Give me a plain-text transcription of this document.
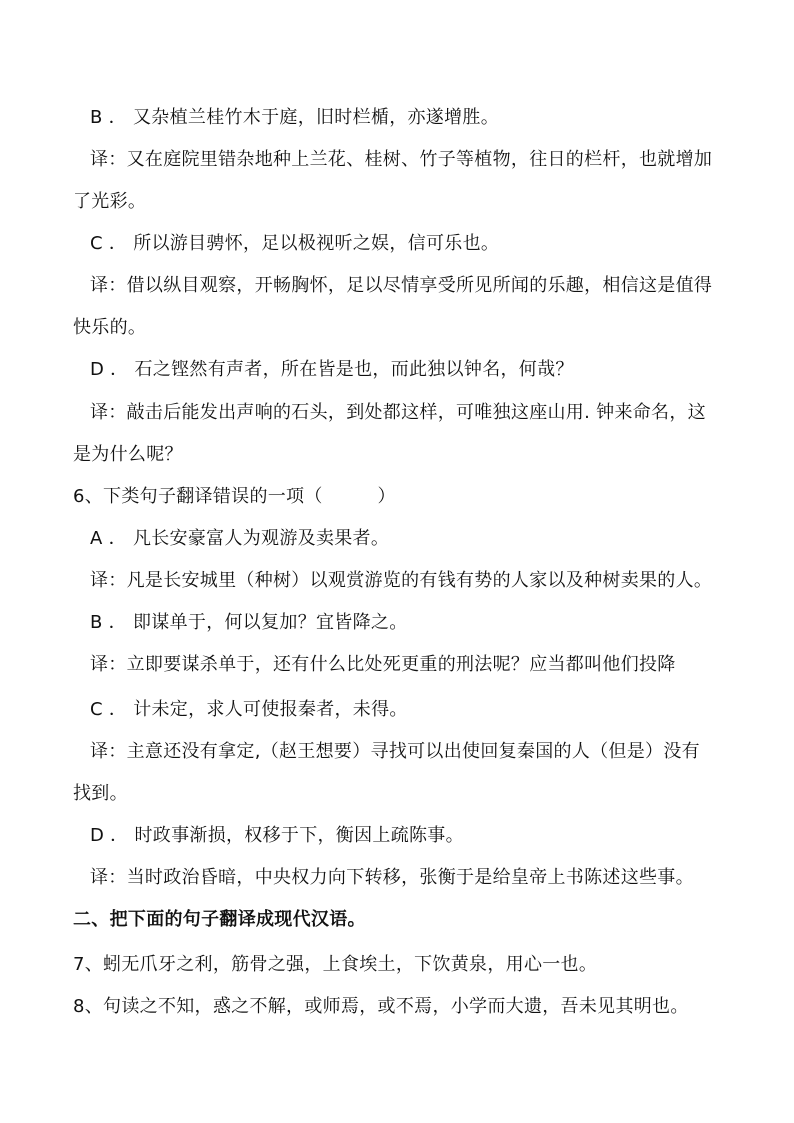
B ． 又杂植兰桂竹木于庭，旧时栏楯，亦遂增胜。
译：又在庭院里错杂地种上兰花、桂树、竹子等植物，往日的栏杆，也就增加
了光彩。
C ． 所以游目骋怀，足以极视听之娱，信可乐也。
译：借以纵目观察，开畅胸怀，足以尽情享受所见所闻的乐趣，相信这是值得
快乐的。
D ． 石之铿然有声者，所在皆是也，而此独以钟名，何哉？
译：敲击后能发出声响的石头，到处都这样，可唯独这座山用. 钟来命名，这
是为什么呢？
6、下类句子翻译错误的一项（　　　）
A ． 凡长安豪富人为观游及卖果者。
译：凡是长安城里（种树）以观赏游览的有钱有势的人家以及种树卖果的人。
B ． 即谋单于，何以复加？宜皆降之。
译：立即要谋杀单于，还有什么比处死更重的刑法呢？应当都叫他们投降
C ． 计未定，求人可使报秦者，未得。
译：主意还没有拿定,（赵王想要）寻找可以出使回复秦国的人（但是）没有
找到。
D ． 时政事渐损，权移于下，衡因上疏陈事。
译：当时政治昏暗，中央权力向下转移，张衡于是给皇帝上书陈述这些事。
二、把下面的句子翻译成现代汉语。
7、蚓无爪牙之利，筋骨之强，上食埃土，下饮黄泉，用心一也。
8、句读之不知，惑之不解，或师焉，或不焉，小学而大遗，吾未见其明也。
